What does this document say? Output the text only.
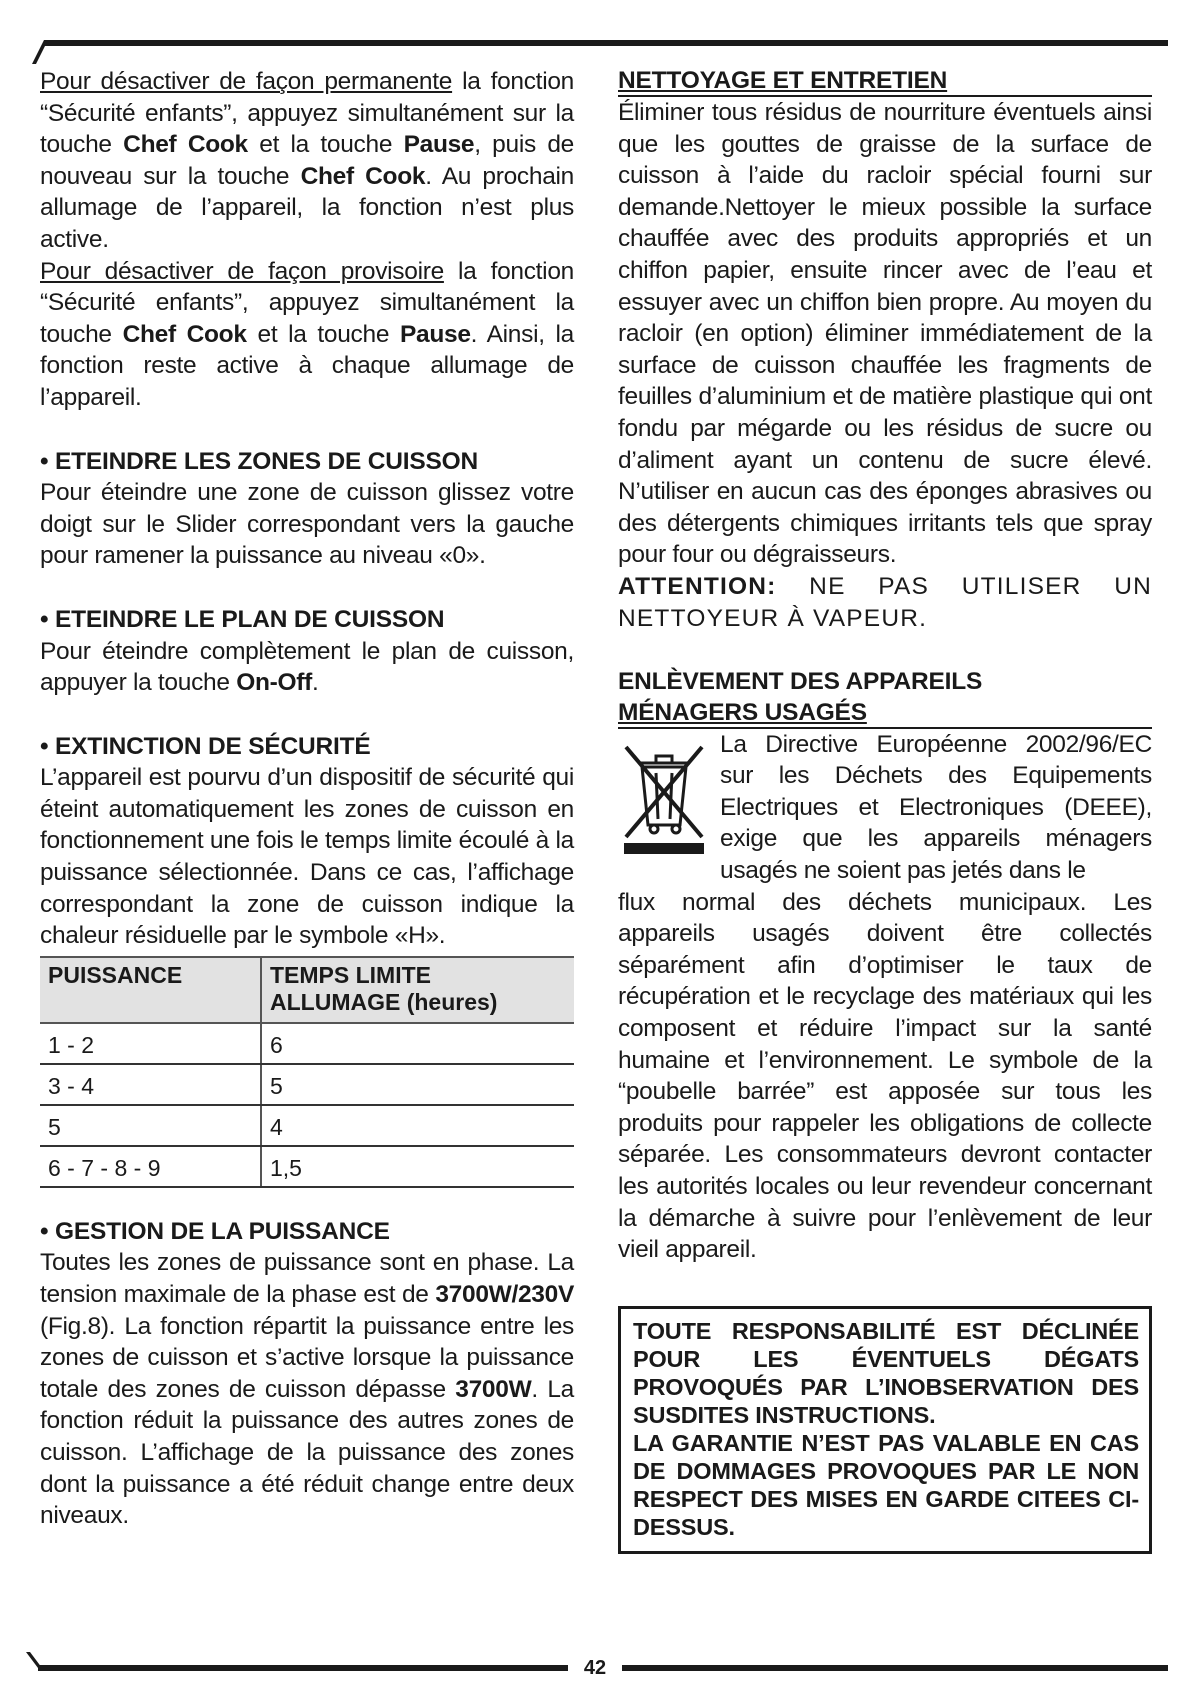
42

Pour désactiver de façon permanente la fonction “Sécurité enfants”, appuyez simultanément sur la touche Chef Cook et la touche Pause, puis de nouveau sur la touche Chef Cook. Au prochain allumage de l’appareil, la fonction n’est plus active.

Pour désactiver de façon provisoire la fonction “Sécurité enfants”, appuyez simultanément la touche Chef Cook et la touche Pause. Ainsi, la fonction reste active à chaque allumage de l’appareil.

• ETEINDRE LES ZONES DE CUISSON

Pour éteindre une zone de cuisson glissez votre doigt sur le Slider correspondant vers la gauche pour ramener la puissance au niveau «0».

• ETEINDRE LE PLAN DE CUISSON

Pour éteindre complètement le plan de cuisson, appuyer la touche On-Off.

• EXTINCTION DE SÉCURITÉ

L’appareil est pourvu d’un dispositif de sécurité qui éteint automatiquement les zones de cuisson en fonctionnement une fois le temps limite écoulé à la puissance sélectionnée. Dans ce cas, l’affichage correspondant la zone de cuisson indique la chaleur résiduelle par le symbole «H».

PUISSANCE	TEMPS LIMITE
ALLUMAGE (heures)
1 - 2	6
3 - 4	5
5	4
6 - 7 - 8 - 9	1,5
• GESTION DE LA PUISSANCE

Toutes les zones de puissance sont en phase. La tension maximale de la phase est de 3700W/230V (Fig.8). La fonction répartit la puissance entre les zones de cuisson et s’active lorsque la puissance totale des zones de cuisson dépasse 3700W. La fonction réduit la puissance des autres zones de cuisson. L’affichage de la puissance des zones dont la puissance a été réduit change entre deux niveaux.

NETTOYAGE ET ENTRETIEN

Éliminer tous résidus de nourriture éventuels ainsi que les gouttes de graisse de la surface de cuisson à l’aide du racloir spécial fourni sur demande.Nettoyer le mieux possible la surface chauffée avec des produits appropriés et un chiffon papier, ensuite rincer avec de l’eau et essuyer avec un chiffon bien propre. Au moyen du racloir (en option) éliminer immédiatement de la surface de cuisson chauffée les fragments de feuilles d’aluminium et de matière plastique qui ont fondu par mégarde ou les résidus de sucre ou d’aliment ayant un contenu de sucre élevé. N’utiliser en aucun cas des éponges abrasives ou des détergents chimiques irritants tels que spray pour four ou dégraisseurs.

ATTENTION: NE PAS UTILISER UN NETTOYEUR À VAPEUR.

ENLÈVEMENT DES APPAREILS
MÉNAGERS USAGÉS

La Directive Européenne 2002/96/EC sur les Déchets des Equipements Electriques et Electroniques (DEEE), exige que les appareils ménagers usagés ne soient pas jetés dans le

flux normal des déchets municipaux. Les appareils usagés doivent être collectés séparément afin d’optimiser le taux de récupération et le recyclage des matériaux qui les composent et réduire l’impact sur la santé humaine et l’environnement. Le symbole de la “poubelle barrée” est apposée sur tous les produits pour rappeler les obligations de collecte séparée. Les consommateurs devront contacter les autorités locales ou leur revendeur concernant la démarche à suivre pour l’enlèvement de leur vieil appareil.

TOUTE RESPONSABILITÉ EST DÉCLINÉE POUR LES ÉVENTUELS DÉGATS PROVOQUÉS PAR L’INOBSERVATION DES SUSDITES INSTRUCTIONS.

LA GARANTIE N’EST PAS VALABLE EN CAS DE DOMMAGES PROVOQUES PAR LE NON RESPECT DES MISES EN GARDE CITEES CI-DESSUS.
